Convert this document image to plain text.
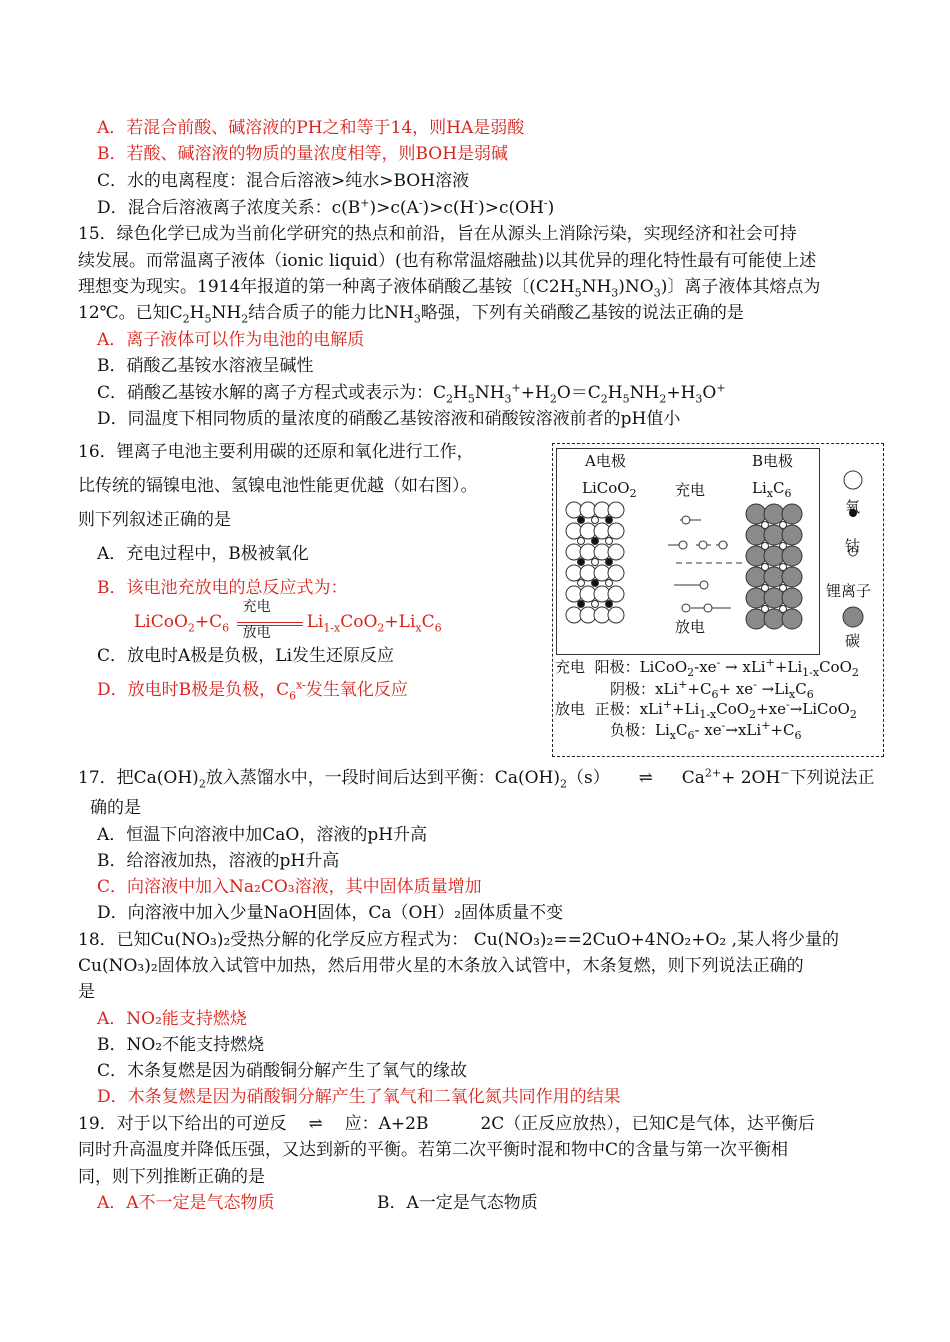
A．若混合前酸、碱溶液的PH之和等于14，则HA是弱酸
B．若酸、碱溶液的物质的量浓度相等，则BOH是弱碱
C．水的电离程度：混合后溶液>纯水>BOH溶液
D．混合后溶液离子浓度关系：c(B+)>c(A-)>c(H-)>c(OH-)
15．绿色化学已成为当前化学研究的热点和前沿，旨在从源头上消除污染，实现经济和社会可持
续发展。而常温离子液体（ionic liquid）(也有称常温熔融盐)以其优异的理化特性最有可能使上述
理想变为现实。1914年报道的第一种离子液体硝酸乙基铵〔$(C2H_5NH_3)NO_3$)〕离子液体其熔点为
12℃。已知$C_2H_5NH_2$结合质子的能力比$NH_3$略强，下列有关硝酸乙基铵的说法正确的是
A．离子液体可以作为电池的电解质
B．硝酸乙基铵水溶液呈碱性
C．硝酸乙基铵水解的离子方程式或表示为：$C_2H_5NH_3^++H_2O=C_2H_5NH_2+H_3O^+$
D．同温度下相同物质的量浓度的硝酸乙基铵溶液和硝酸铵溶液前者的pH值小
16．锂离子电池主要利用碳的还原和氧化进行工作，
比传统的镉镍电池、氢镍电池性能更优越（如右图）。
则下列叙述正确的是
A．充电过程中，B极被氧化
B．该电池充放电的总反应式为：
$LiCoO_2+C_6$
充电
放电
$Li_{1-x}CoO_2+Li_xC_6$
C．放电时A极是负极，Li发生还原反应
D．放电时B极是负极，$C_6^{x-}$发生氧化反应
A电极	B电极
LiCoO$_2$	充电	$Li_xC_6$
放电
氧
钴
锂离子
碳
充电 阳极：LiCoO$_2$-xe- → $xLi^++Li_{1-x}CoO_2$
阴极：$xLi^++C_6+ xe^- \to Li_xC_6$
放电 正极：$xLi^++Li_{1-x}CoO_2+xe^-\to LiCoO_2$
负极：$Li_xC_6-$ $xe^-\to xLi^++C_6$
17．把$Ca(OH)_2$放入蒸馏水中，一段时间后达到平衡：$Ca(OH)_2(s)$ ⇌ $Ca^{2+}+ 2OH^-$下列说法正
确的是
A．恒温下向溶液中加CaO，溶液的pH升高
B．给溶液加热，溶液的pH升高
C．向溶液中加入Na₂CO₃溶液，其中固体质量增加
D．向溶液中加入少量NaOH固体，Ca（OH）₂固体质量不变
18．已知Cu(NO₃)₂受热分解的化学反应方程式为： Cu(NO₃)₂==2CuO+4NO₂+O₂ ,某人将少量的
Cu(NO₃)₂固体放入试管中加热，然后用带火星的木条放入试管中，木条复燃，则下列说法正确的
是
A．NO₂能支持燃烧
B．NO₂不能支持燃烧
C．木条复燃是因为硝酸铜分解产生了氧气的缘故
D．木条复燃是因为硝酸铜分解产生了氧气和二氧化氮共同作用的结果
19．对于以下给出的可逆反 ⇌ 应：A+2B	2C（正反应放热），已知C是气体，达平衡后
同时升高温度并降低压强，又达到新的平衡。若第二次平衡时混和物中C的含量与第一次平衡相
同，则下列推断正确的是
A．A不一定是气态物质	B．A一定是气态物质
